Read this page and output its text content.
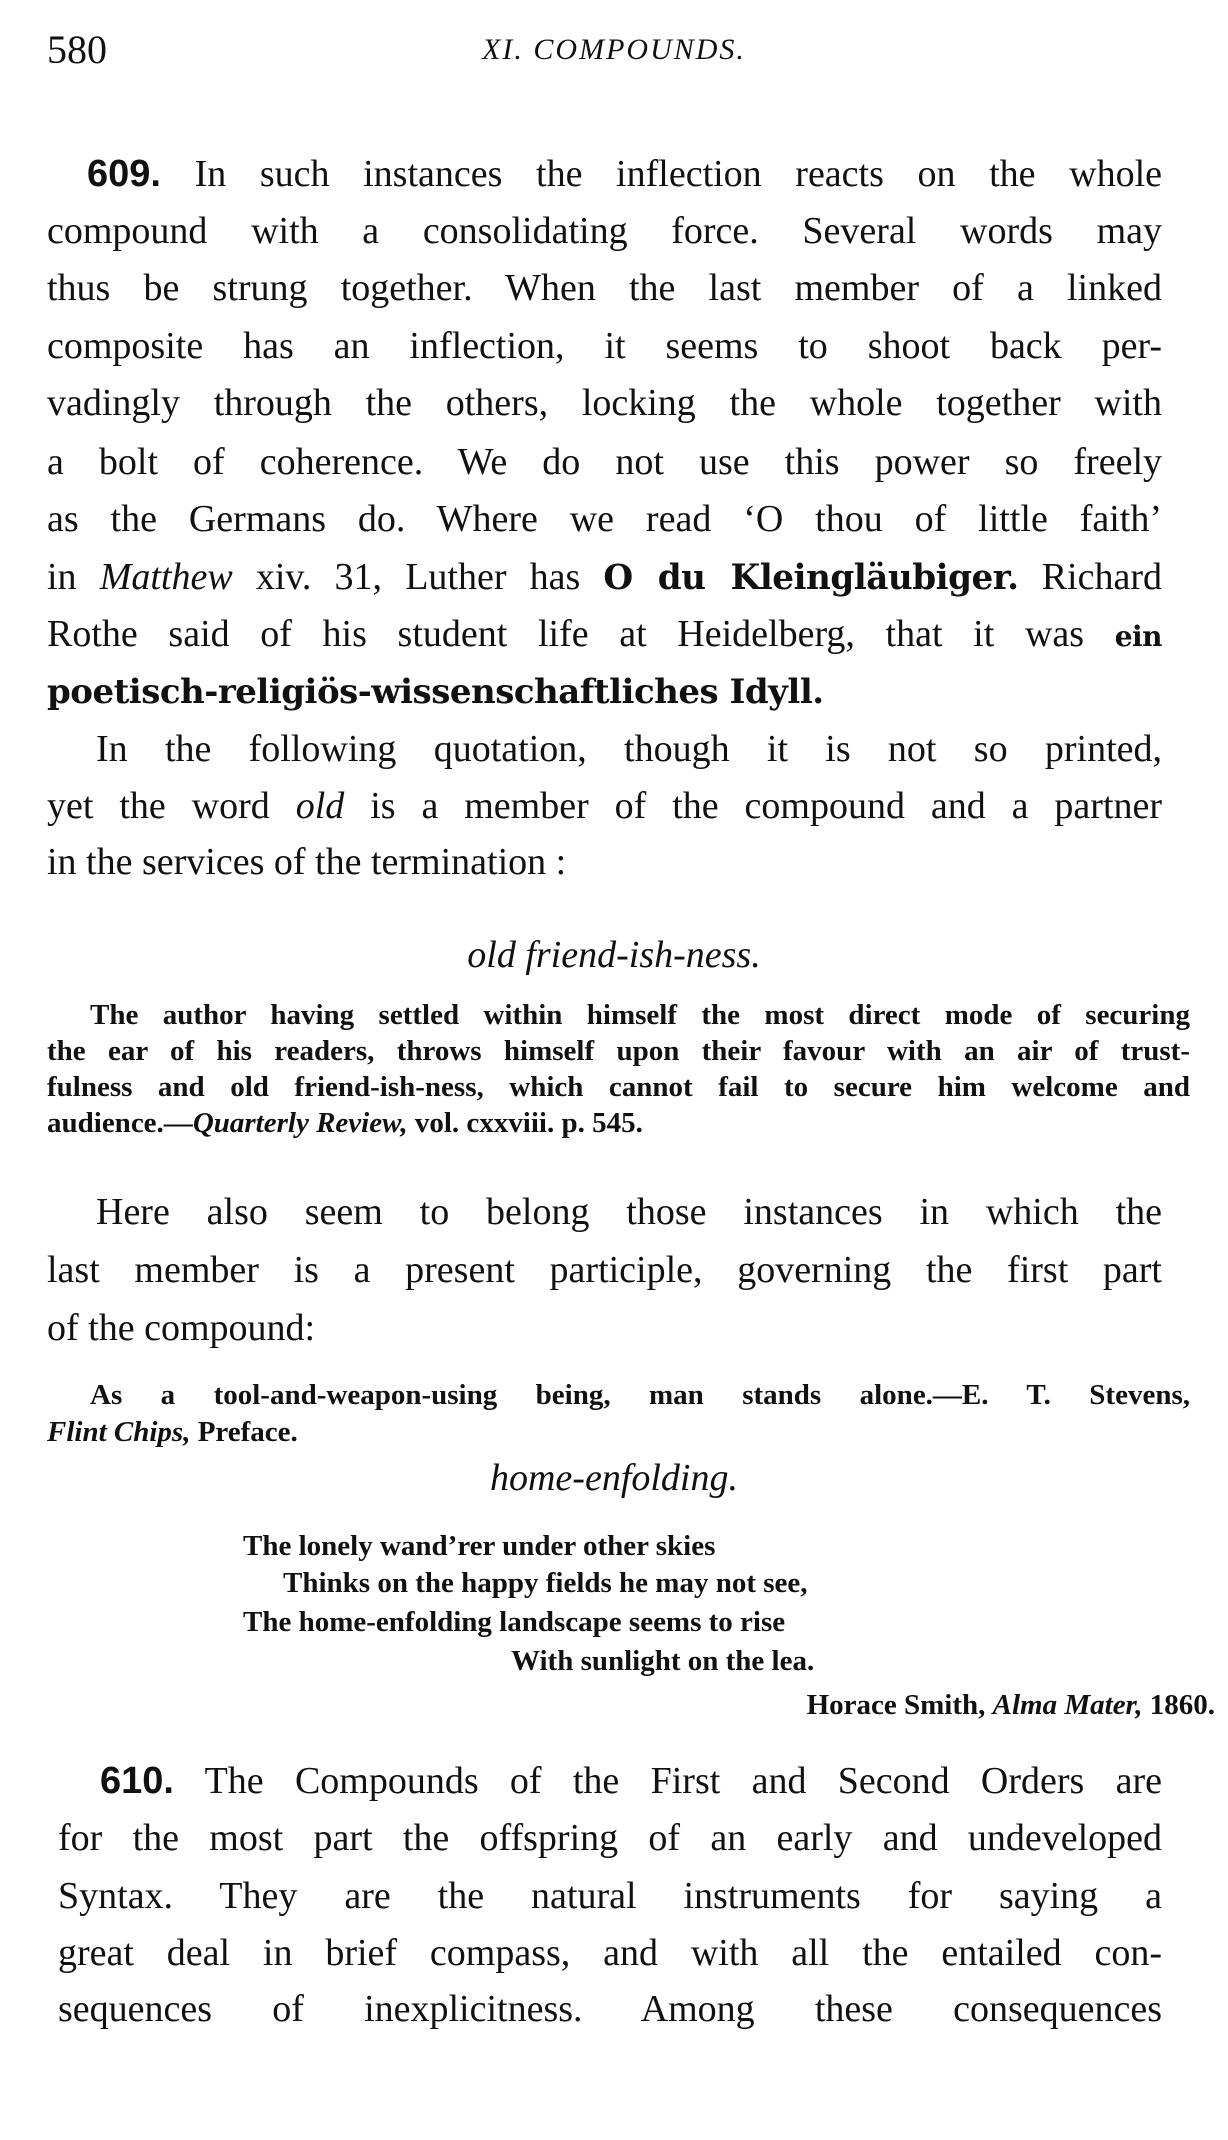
580	XI. COMPOUNDS.
609. In such instances the inflection reacts on the whole
compound with a consolidating force. Several words may
thus be strung together. When the last member of a linked
composite has an inflection, it seems to shoot back per-
vadingly through the others, locking the whole together with
a bolt of coherence. We do not use this power so freely
as the Germans do. Where we read ‘O thou of little faith’
in Matthew xiv. 31, Luther has O du Kleingläubiger. Richard
Rothe said of his student life at Heidelberg, that it was ein
poetisch-religiös-wissenschaftliches Idyll.
In the following quotation, though it is not so printed,
yet the word old is a member of the compound and a partner
in the services of the termination :
old friend-ish-ness.
The author having settled within himself the most direct mode of securing
the ear of his readers, throws himself upon their favour with an air of trust-
fulness and old friend-ish-ness, which cannot fail to secure him welcome and
audience.—Quarterly Review, vol. cxxviii. p. 545.
Here also seem to belong those instances in which the
last member is a present participle, governing the first part
of the compound:
As a tool-and-weapon-using being, man stands alone.—E. T. Stevens,
Flint Chips, Preface.
home-enfolding.
The lonely wand’rer under other skies
Thinks on the happy fields he may not see,
The home-enfolding landscape seems to rise
With sunlight on the lea.
Horace Smith, Alma Mater, 1860.
610. The Compounds of the First and Second Orders are
for the most part the offspring of an early and undeveloped
Syntax. They are the natural instruments for saying a
great deal in brief compass, and with all the entailed con-
sequences of inexplicitness. Among these consequences
